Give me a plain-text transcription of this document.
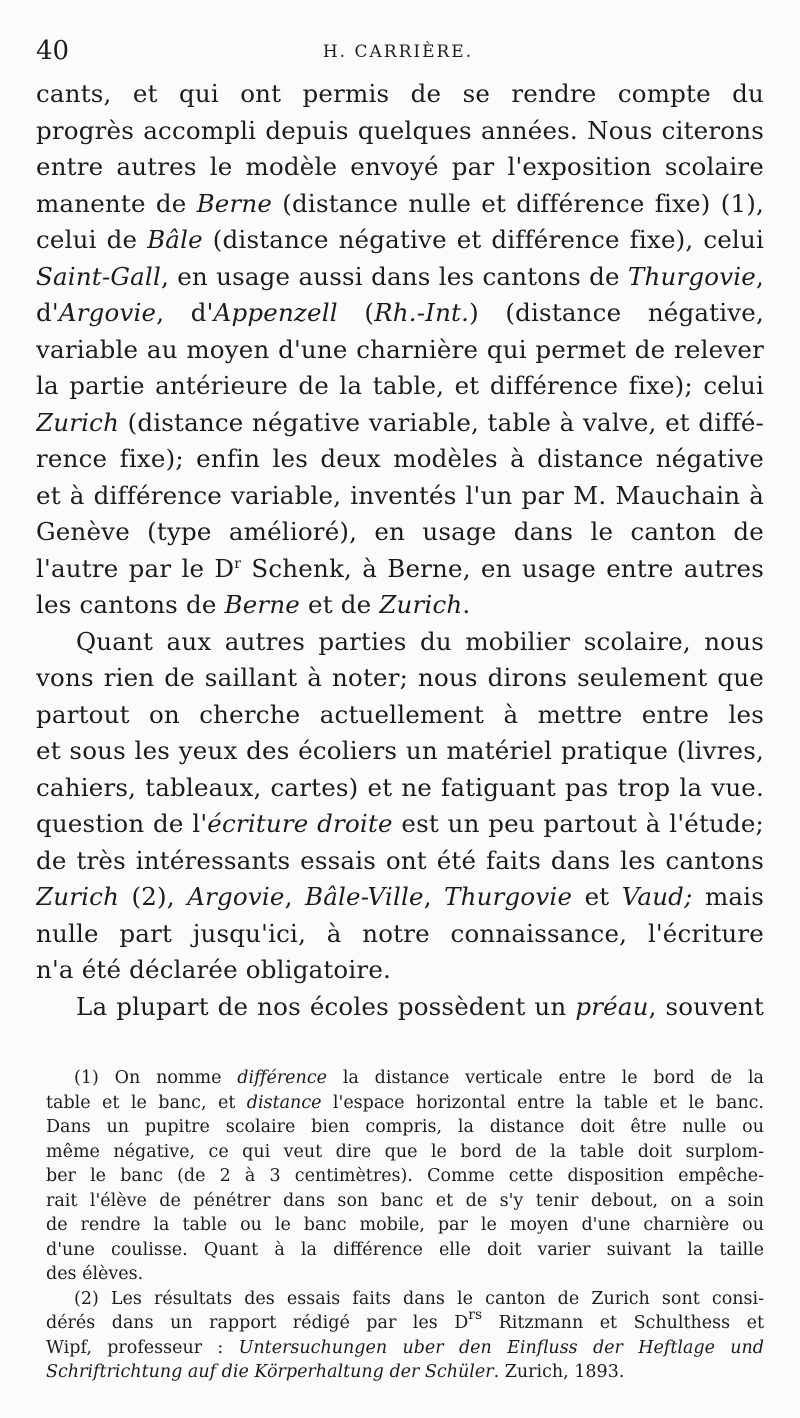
40	H. CARRIÈRE.
cants, et qui ont permis de se rendre compte du
progrès accompli depuis quelques années. Nous citerons
entre autres le modèle envoyé par l'exposition scolaire
manente de Berne (distance nulle et différence fixe) (1),
celui de Bâle (distance négative et différence fixe), celui
Saint-Gall, en usage aussi dans les cantons de Thurgovie,
d'Argovie, d'Appenzell (Rh.-Int.) (distance négative,
variable au moyen d'une charnière qui permet de relever
la partie antérieure de la table, et différence fixe); celui
Zurich (distance négative variable, table à valve, et diffé-
rence fixe); enfin les deux modèles à distance négative
et à différence variable, inventés l'un par M. Mauchain à
Genève (type amélioré), en usage dans le canton de
l'autre par le $D^r$ Schenk, à Berne, en usage entre autres
les cantons de Berne et de Zurich.
Quant aux autres parties du mobilier scolaire, nous
vons rien de saillant à noter; nous dirons seulement que
partout on cherche actuellement à mettre entre les
et sous les yeux des écoliers un matériel pratique (livres,
cahiers, tableaux, cartes) et ne fatiguant pas trop la vue.
question de l'écriture droite est un peu partout à l'étude;
de très intéressants essais ont été faits dans les cantons
Zurich (2), Argovie, Bâle-Ville, Thurgovie et Vaud; mais
nulle part jusqu'ici, à notre connaissance, l'écriture
n'a été déclarée obligatoire.
La plupart de nos écoles possèdent un préau, souvent
(1) On nomme différence la distance verticale entre le bord de la
table et le banc, et distance l'espace horizontal entre la table et le banc.
Dans un pupitre scolaire bien compris, la distance doit être nulle ou
même négative, ce qui veut dire que le bord de la table doit surplom-
ber le banc (de 2 à 3 centimètres). Comme cette disposition empêche-
rait l'élève de pénétrer dans son banc et de s'y tenir debout, on a soin
de rendre la table ou le banc mobile, par le moyen d'une charnière ou
d'une coulisse. Quant à la différence elle doit varier suivant la taille
des élèves.
(2) Les résultats des essais faits dans le canton de Zurich sont consi-
dérés dans un rapport rédigé par les $D^{rs}$ Ritzmann et Schulthess et
Wipf, professeur : Untersuchungen uber den Einfluss der Heftlage und
Schriftrichtung auf die Körperhaltung der Schüler. Zurich, 1893.
